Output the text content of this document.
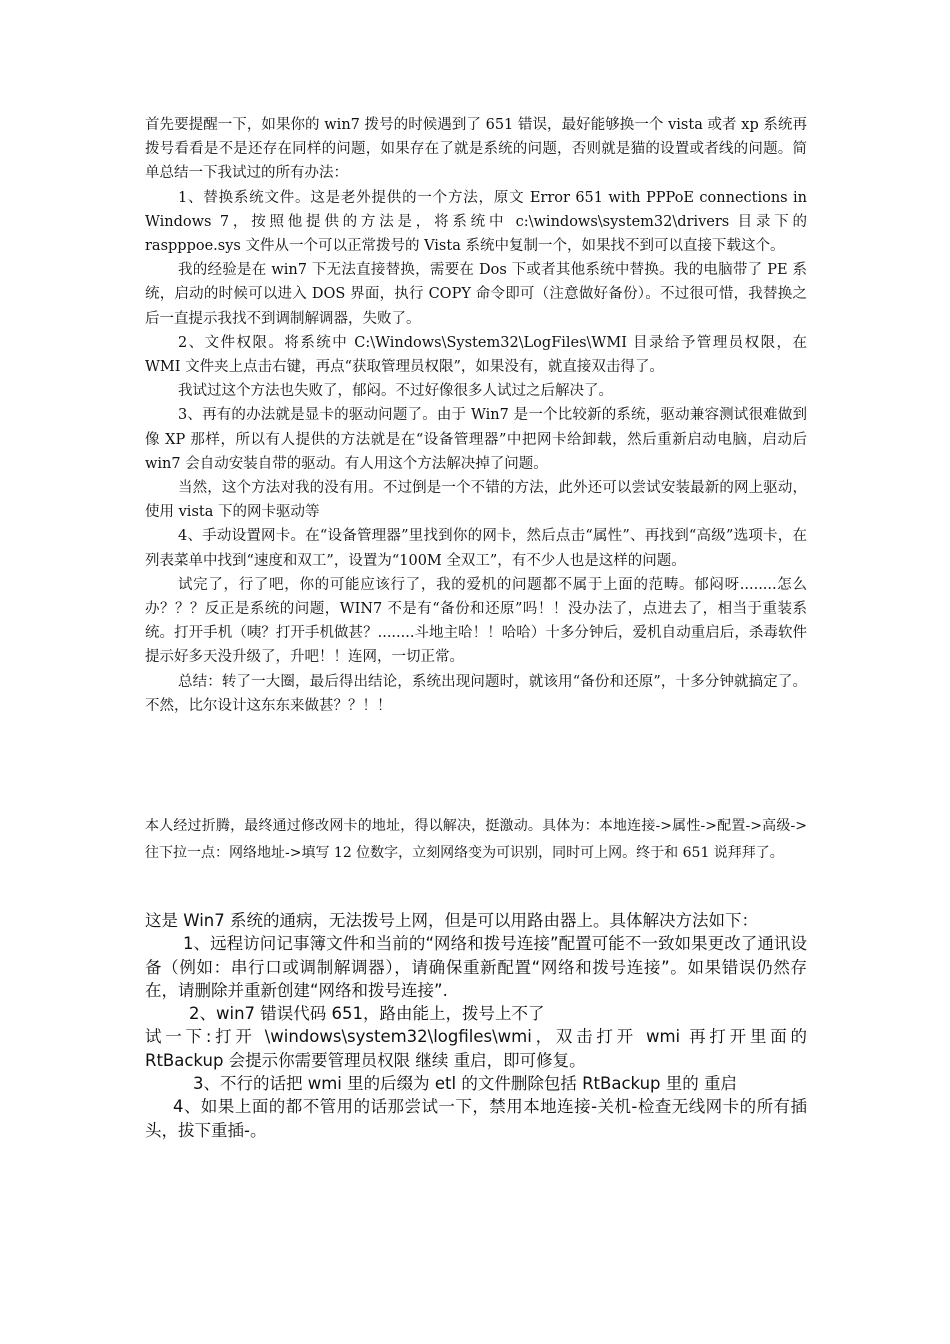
首先要提醒一下，如果你的 win7 拨号的时候遇到了 651 错误，最好能够换一个 vista 或者 xp 系统再拨号看看是不是还存在同样的问题，如果存在了就是系统的问题，否则就是猫的设置或者线的问题。简单总结一下我试过的所有办法：

1、替换系统文件。这是老外提供的一个方法，原文 Error 651 with PPPoE connections in Windows 7，按照他提供的方法是，将系统中 c:\windows\system32\drivers 目录下的 raspppoe.sys 文件从一个可以正常拨号的 Vista 系统中复制一个，如果找不到可以直接下载这个。

我的经验是在 win7 下无法直接替换，需要在 Dos 下或者其他系统中替换。我的电脑带了 PE 系统，启动的时候可以进入 DOS 界面，执行 COPY 命令即可（注意做好备份）。不过很可惜，我替换之后一直提示我找不到调制解调器，失败了。

2、文件权限。将系统中 C:\Windows\System32\LogFiles\WMI 目录给予管理员权限，在 WMI 文件夹上点击右键，再点“获取管理员权限”，如果没有，就直接双击得了。

我试过这个方法也失败了，郁闷。不过好像很多人试过之后解决了。

3、再有的办法就是显卡的驱动问题了。由于 Win7 是一个比较新的系统，驱动兼容测试很难做到像 XP 那样，所以有人提供的方法就是在“设备管理器”中把网卡给卸载，然后重新启动电脑，启动后 win7 会自动安装自带的驱动。有人用这个方法解决掉了问题。

当然，这个方法对我的没有用。不过倒是一个不错的方法，此外还可以尝试安装最新的网上驱动，使用 vista 下的网卡驱动等

4、手动设置网卡。在“设备管理器”里找到你的网卡，然后点击“属性”、再找到“高级”选项卡，在列表菜单中找到“速度和双工”，设置为“100M 全双工”，有不少人也是这样的问题。

试完了，行了吧，你的可能应该行了，我的爱机的问题都不属于上面的范畴。郁闷呀........怎么办？？？反正是系统的问题，WIN7 不是有“备份和还原”吗！！没办法了，点进去了，相当于重装系统。打开手机（咦？打开手机做甚？........斗地主哈！！哈哈）十多分钟后，爱机自动重启后，杀毒软件提示好多天没升级了，升吧！！连网，一切正常。

总结：转了一大圈，最后得出结论，系统出现问题时，就该用“备份和还原”，十多分钟就搞定了。不然，比尔设计这东东来做甚？？！！

本人经过折腾，最终通过修改网卡的地址，得以解决，挺激动。具体为：本地连接->属性->配置->高级->往下拉一点：网络地址->填写 12 位数字，立刻网络变为可识别，同时可上网。终于和 651 说拜拜了。

这是 Win7 系统的通病，无法拨号上网，但是可以用路由器上。具体解决方法如下：

1、远程访问记事簿文件和当前的“网络和拨号连接”配置可能不一致如果更改了通讯设备（例如：串行口或调制解调器），请确保重新配置“网络和拨号连接”。如果错误仍然存在，请删除并重新创建“网络和拨号连接”.

2、win7 错误代码 651，路由能上，拨号上不了

试一下:打开 \windows\system32\logfiles\wmi，双击打开 wmi 再打开里面的 RtBackup 会提示你需要管理员权限 继续 重启，即可修复。

3、不行的话把 wmi 里的后缀为 etl 的文件删除包括 RtBackup 里的 重启

4、如果上面的都不管用的话那尝试一下，禁用本地连接-关机-检查无线网卡的所有插头，拔下重插-。
